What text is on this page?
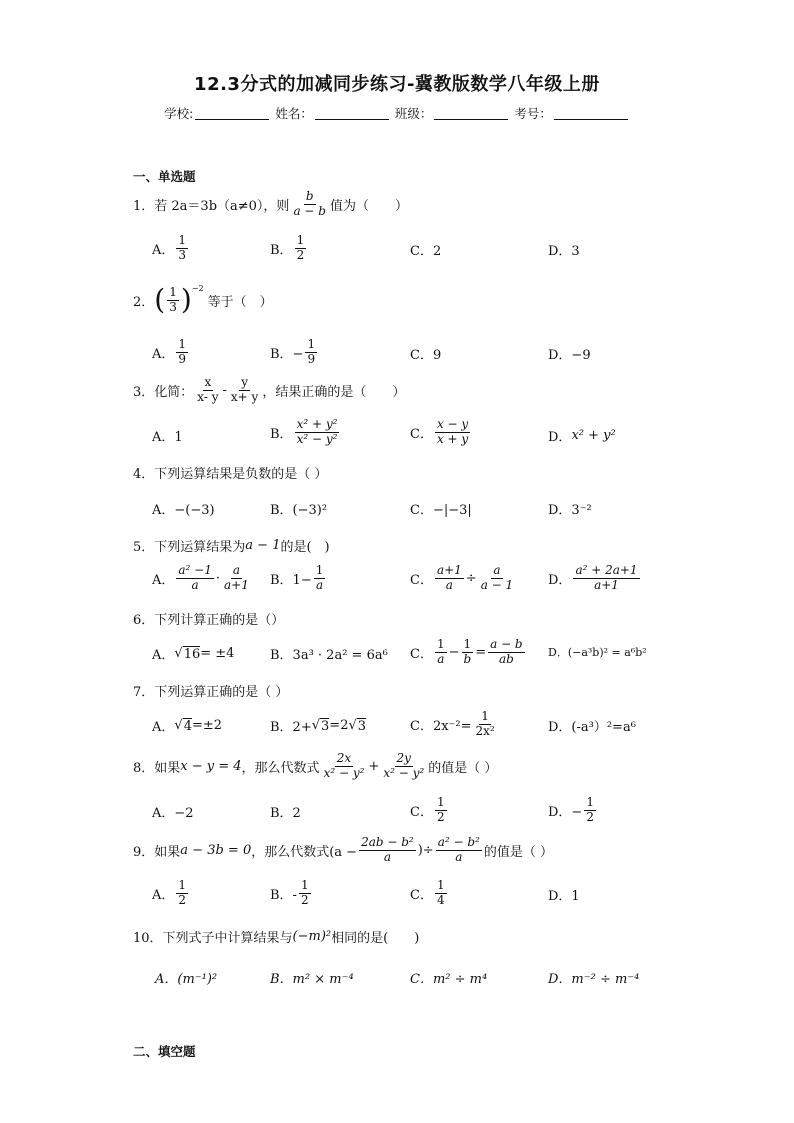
12.3分式的加减同步练习-冀教版数学八年级上册
学校:	姓名：	班级：	考号：
一、单选题
1．若 2a＝3b（a≠0），则 $\frac{b}{a - b}$ 值为（　　）
A． $\frac{1}{3}$	B． $\frac{1}{2}$	C．2	D．3
2． ( $\frac{1}{3} )^{-2}$
等于（　）
A． $\frac{1}{9}$	B．− $\frac{1}{9}$	C．9	D．−9
3．化简： $\frac{x}{x- y} - \frac{y}{x+ y}$ ，结果正确的是（　　）
A．1	B． $\frac{\text{x² + y²}}{\text{x² − y²}}$	C． $\frac{x - y}{x + y}$	D． x² + y²
4．下列运算结果是负数的是（ ）
A．−(−3)	B．(−3)²	C．−|−3|	D．3⁻²
5．下列运算结果为 a − 1 的是(　)
A． $\frac{\text{a² −1}}{a} \cdot \frac{a}{a+1}$ B．$1- \frac{1}{a}$	C． $\frac{a+1}{a} \div \frac{a}{a - 1}$	D． $\frac{\text{a² + 2a+1}}{a+1}$
6．下列计算正确的是（）
A． √ 16 = ±4	B．3a³ · 2a² = 6a⁶ C． $\frac{1}{a} - \frac{1}{b} = \frac{a - b}{ab}$ D．(−a³b)² = a⁶b²
7．下列运算正确的是（ ）
A． √ 4 =±2	B．2+ √ 3 =2 √ 3	C．$2x^{-2}= \frac{1}{\text{2x²}}$	D．(-a³）²=a⁶
8．如果 x − y = 4 ，那么代数式 $\frac{2x}{\text{x² − y²}} + \frac{2y}{\text{x² − y²}}$ 的值是（ ）
A．−2	B．2	C． $\frac{1}{2}$	D．− $\frac{1}{2}$
9．如果 a − 3b = 0 ，那么代数式($a - \frac{\text{2ab − b²}}{a}$ )÷ $\frac{\text{a² − b²}}{a}$ 的值是（ ）
A． $\frac{1}{2}$	B．- $\frac{1}{2}$	C． $\frac{1}{4}$	D．1
10．下列式子中计算结果与 (−m)² 相同的是(　　)
A．(m⁻¹)²	B．m² × m⁻⁴	C．m² ÷ m⁴	D．m⁻² ÷ m⁻⁴
二、填空题
